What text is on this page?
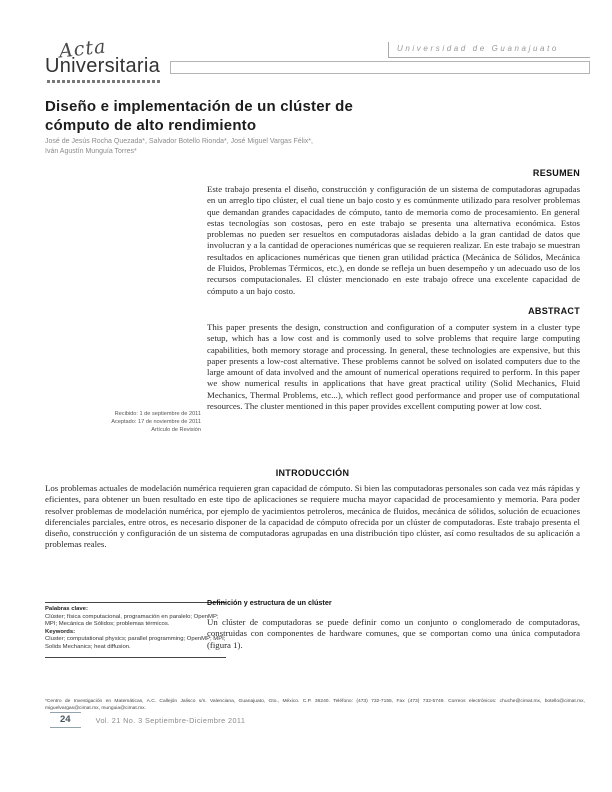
Acta
Universitaria
Universidad de Guanajuato
Diseño e implementación de un clúster de cómputo de alto rendimiento
José de Jesús Rocha Quezada*, Salvador Botello Rionda*, José Miguel Vargas Félix*,
Iván Agustín Munguía Torres*
RESUMEN

Este trabajo presenta el diseño, construcción y configuración de un sistema de computadoras agrupadas en un arreglo tipo clúster, el cual tiene un bajo costo y es comúnmente utilizado para resolver problemas que demandan grandes capacidades de cómputo, tanto de memoria como de procesamiento. En general estas tecnologías son costosas, pero en este trabajo se presenta una alternativa económica. Estos problemas no pueden ser resueltos en computadoras aisladas debido a la gran cantidad de datos que involucran y a la cantidad de operaciones numéricas que se requieren realizar. En este trabajo se muestran resultados en aplicaciones numéricas que tienen gran utilidad práctica (Mecánica de Sólidos, Mecánica de Fluidos, Problemas Térmicos, etc.), en donde se refleja un buen desempeño y un adecuado uso de los recursos computacionales. El clúster mencionado en este trabajo ofrece una excelente capacidad de cómputo a un bajo costo.

ABSTRACT

This paper presents the design, construction and configuration of a computer system in a cluster type setup, which has a low cost and is commonly used to solve problems that require large computing capabilities, both memory storage and processing. In general, these technologies are expensive, but this paper presents a low-cost alternative. These problems cannot be solved on isolated computers due to the large amount of data involved and the amount of numerical operations required to perform. In this paper we show numerical results in applications that have great practical utility (Solid Mechanics, Fluid Mechanics, Thermal Problems, etc...), which reflect good performance and proper use of computational resources. The cluster mentioned in this paper provides excellent computing power at low cost.

Recibido: 1 de septiembre de 2011
Aceptado: 17 de noviembre de 2011
Artículo de Revisión
INTRODUCCIÓN

Los problemas actuales de modelación numérica requieren gran capacidad de cómputo. Si bien las computadoras personales son cada vez más rápidas y eficientes, para obtener un buen resultado en este tipo de aplicaciones se requiere mucha mayor capacidad de procesamiento y memoria. Para poder resolver problemas de modelación numérica, por ejemplo de yacimientos petroleros, mecánica de fluidos, mecánica de sólidos, solución de ecuaciones diferenciales parciales, entre otros, es necesario disponer de la capacidad de cómputo ofrecida por un clúster de computadoras. Este trabajo presenta el diseño, construcción y configuración de un sistema de computadoras agrupadas en una distribución tipo clúster, así como resultados de su aplicación a problemas reales.

Palabras clave:
Clúster; física computacional, programación en paralelo; OpenMP; MPI; Mecánica de Sólidos; problemas térmicos.
Keywords:
Cluster; computational physics; parallel programming; OpenMP; MPI; Solids Mechanics; heat diffusion.
Definición y estructura de un clúster

Un clúster de computadoras se puede definir como un conjunto o conglomerado de computadoras, construidas con componentes de hardware comunes, que se comportan como una única computadora (figura 1).

*Centro de Investigación en Matemáticas, A.C. Callejón Jalisco s/n. Valenciana, Guanajuato, Gto., México. C.P. 36240. Teléfono: (473) 732-7155, Fax (473) 732-5749. Correos electrónicos: chuche@cimat.mx, botello@cimat.mx, miguelvargas@cimat.mx, munguia@cimat.mx.
24	Vol. 21 No. 3 Septiembre-Diciembre 2011
